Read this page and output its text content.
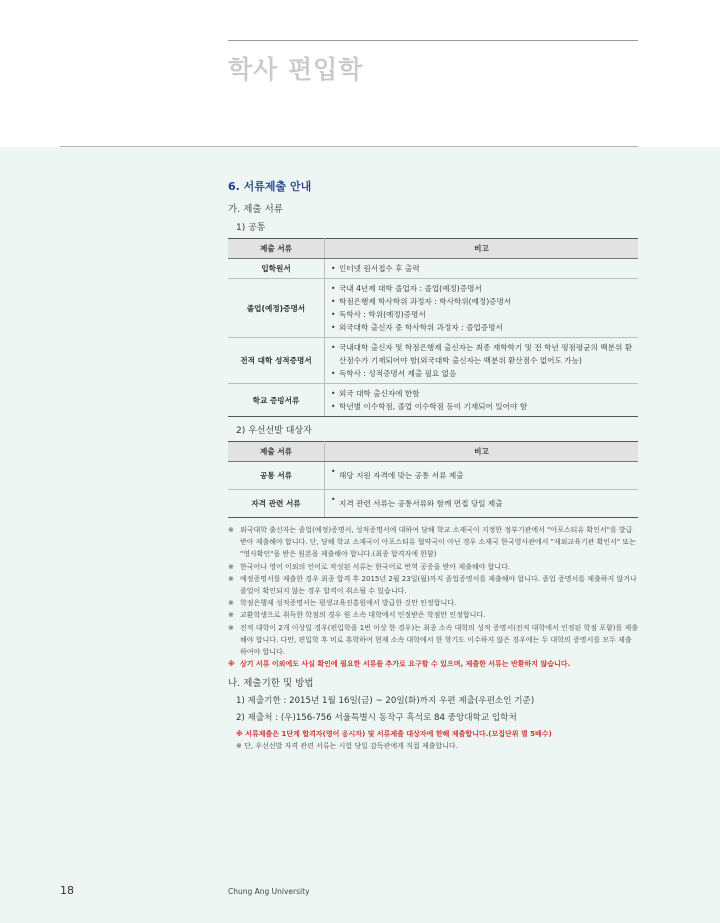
학사 편입학
6. 서류제출 안내
가. 제출 서류
1) 공통
제출 서류	비고
입학원서	• 인터넷 원서접수 후 출력

졸업(예정)증명서	• 국내 4년제 대학 졸업자 : 졸업(예정)증명서
• 학점은행제 학사학위 과정자 : 학사학위(예정)증명서
• 독학사 : 학위(예정)증명서
• 외국대학 출신자 중 학사학위 과정자 : 졸업증명서

전적 대학 성적증명서	• 국내대학 출신자 및 학점은행제 출신자는 최종 재학학기 및 전 학년 평점평균의 백분위 환산점수가 기재되어야 함(외국대학 출신자는 백분위 환산점수 없어도 가능)
• 독학사 : 성적증명서 제출 필요 없음

학교 증빙서류	• 외국 대학 출신자에 한함
• 학년별 이수학점, 졸업 이수학점 등이 기재되어 있어야 함
2) 우선선발 대상자
제출 서류	비고
공통 서류	• 해당 지원 자격에 맞는 공통 서류 제출

자격 관련 서류	• 지격 관련 서류는 공통서류와 함께 면접 당일 제출
※ 외국대학 출신자는 졸업(예정)증명서, 성적증명서에 대하여 당해 학교 소재국이 지정한 정부기관에서 "아포스티유 확인서"를 발급 받아 제출해야 합니다. 단, 당해 학교 소재국이 아포스티유 협약국이 아닌 경우 소재국 한국영사관에서 "재외교육기관 확인서" 또는 "영사확인"을 받은 원본을 제출해야 합니다.(최종 합격자에 한함)
※ 한국어나 영어 이외의 언어로 작성된 서류는 한국어로 번역 공증을 받아 제출해야 합니다.
※ 예정증명서를 제출한 경우 최종 합격 후 2015년 2월 23일(월)까지 졸업증명서를 제출해야 합니다. 졸업 증명서를 제출하지 않거나 졸업이 확인되지 않는 경우 합격이 취소될 수 있습니다.
※ 학점은행제 성적증명서는 평생교육진흥원에서 발급한 것만 인정합니다.
※ 교환학생으로 취득한 학점의 경우 원 소속 대학에서 인정받은 학점만 인정합니다.
※ 전적 대학이 2개 이상일 경우(편입학을 1번 이상 한 경우)는 최종 소속 대학의 성적 증명서(전적 대학에서 인정된 학점 포함)를 제출해야 합니다. 다만, 편입학 후 비로 휴학하여 현재 소속 대학에서 한 학기도 이수하지 않은 경우에는 두 대학의 증명서를 모두 제출하여야 합니다.
※ 상기 서류 이외에도 사실 확인에 필요한 서류를 추가로 요구할 수 있으며, 제출한 서류는 반환하지 않습니다.
나. 제출기한 및 방법
1) 제출기한 : 2015년 1월 16일(금) ~ 20일(화)까지 우편 제출(우편소인 기준)
2) 제출처 : (우)156-756 서울특별시 동작구 흑석로 84 중앙대학교 입학처
※ 서류제출은 1단계 합격자(영어 응시자) 및 서류제출 대상자에 한해 제출합니다.(모집단위 별 5배수)
※ 단, 우선선발 자격 관련 서류는 시험 당일 감독관에게 직접 제출합니다.
18	Chung Ang University
